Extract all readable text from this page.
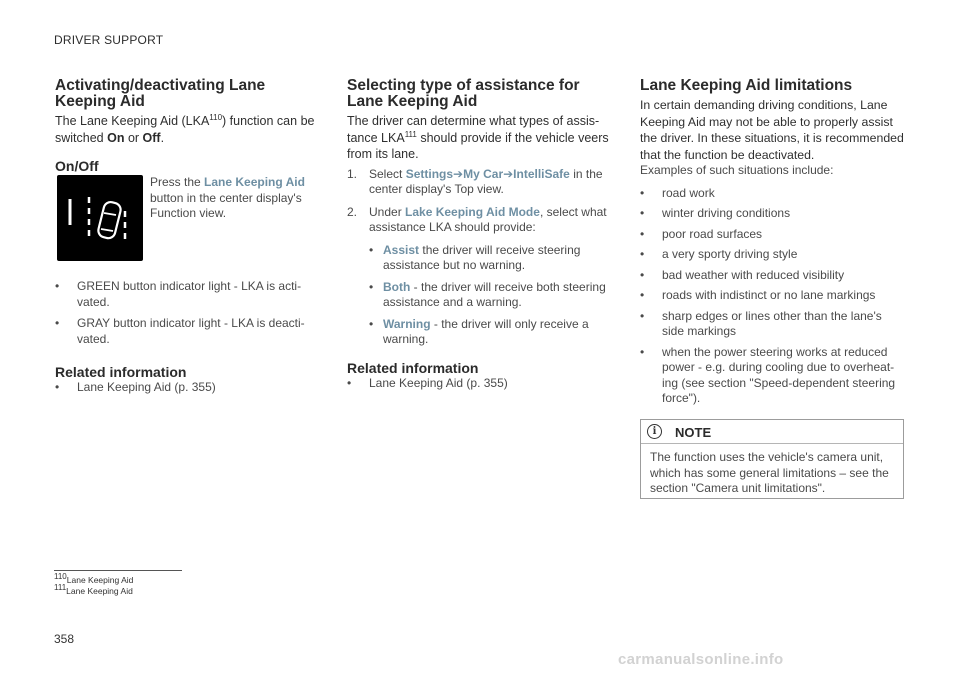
DRIVER SUPPORT
Activating/deactivating Lane Keeping Aid

The Lane Keeping Aid (LKA$^{110}$) function can be switched On or Off.

On/Off

Press the Lane Keeping Aid button in the center display's Function view.

• GREEN button indicator light - LKA is acti-vated.
• GRAY button indicator light - LKA is deacti-vated.
Related information
• Lane Keeping Aid (p. 355)
Selecting type of assistance for Lane Keeping Aid

The driver can determine what types of assis-tance LKA$^{111}$ should provide if the vehicle veers from its lane.

1. Select Settings➔My Car➔IntelliSafe in the center display's Top view.
2. Under Lake Keeping Aid Mode, select what assistance LKA should provide:
• Assist the driver will receive steering assistance but no warning.
• Both - the driver will receive both steering assistance and a warning.
• Warning - the driver will only receive a warning.
Related information
• Lane Keeping Aid (p. 355)
Lane Keeping Aid limitations

In certain demanding driving conditions, Lane Keeping Aid may not be able to properly assist the driver. In these situations, it is recommended that the function be deactivated.

Examples of such situations include:

• road work
• winter driving conditions
• poor road surfaces
• a very sporty driving style
• bad weather with reduced visibility
• roads with indistinct or no lane markings
• sharp edges or lines other than the lane's side markings
• when the power steering works at reduced power - e.g. during cooling due to overheat-ing (see section "Speed-dependent steering force").
i	NOTE
The function uses the vehicle's camera unit, which has some general limitations – see the section "Camera unit limitations".
$^{110}$Lane Keeping Aid
$^{111}$Lane Keeping Aid
358
carmanualsonline.info
